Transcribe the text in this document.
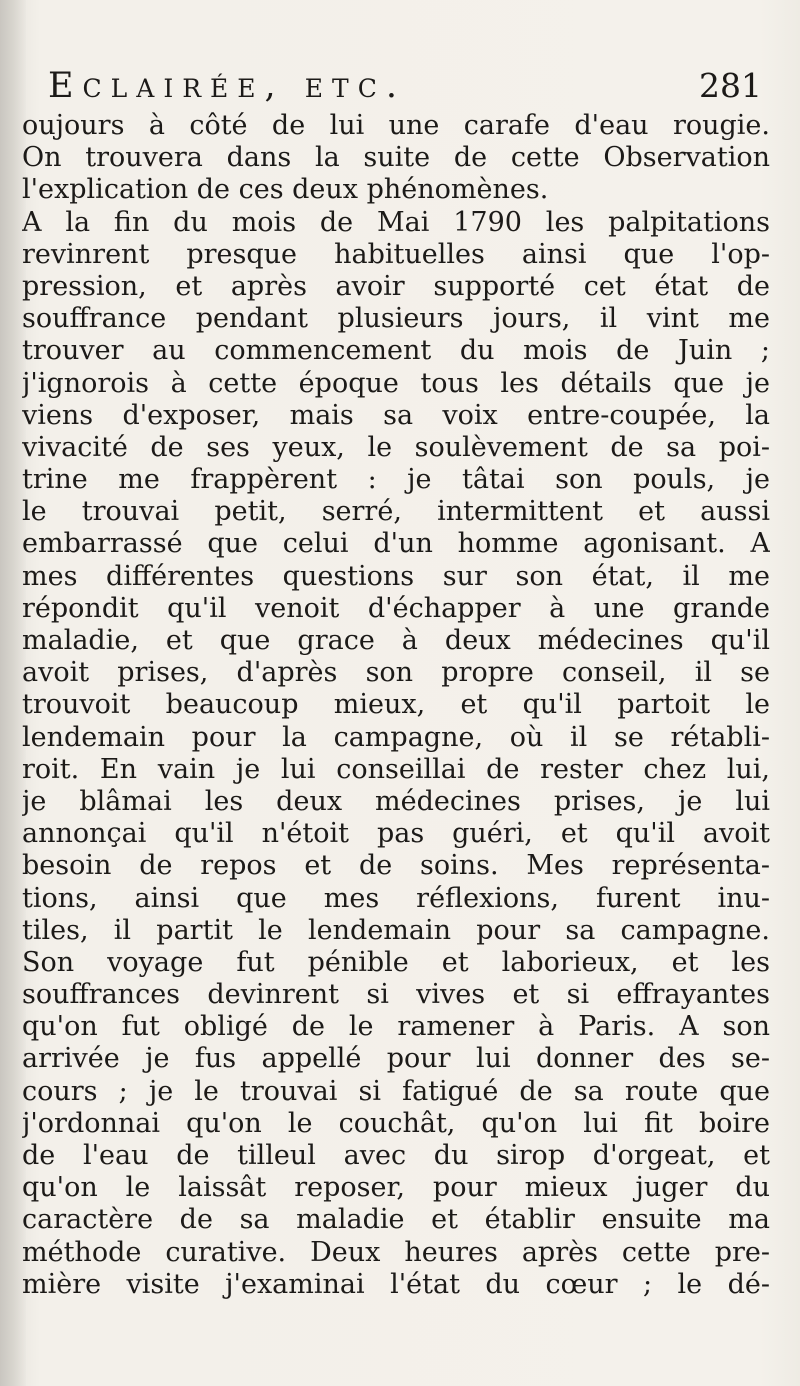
Eclairée, etc.	281
oujours à côté de lui une carafe d'eau rougie.
On trouvera dans la suite de cette Observation
l'explication de ces deux phénomènes.
A la fin du mois de Mai 1790 les palpitations
revinrent presque habituelles ainsi que l'op-
pression, et après avoir supporté cet état de
souffrance pendant plusieurs jours, il vint me
trouver au commencement du mois de Juin ;
j'ignorois à cette époque tous les détails que je
viens d'exposer, mais sa voix entre-coupée, la
vivacité de ses yeux, le soulèvement de sa poi-
trine me frappèrent : je tâtai son pouls, je
le trouvai petit, serré, intermittent et aussi
embarrassé que celui d'un homme agonisant. A
mes différentes questions sur son état, il me
répondit qu'il venoit d'échapper à une grande
maladie, et que grace à deux médecines qu'il
avoit prises, d'après son propre conseil, il se
trouvoit beaucoup mieux, et qu'il partoit le
lendemain pour la campagne, où il se rétabli-
roit. En vain je lui conseillai de rester chez lui,
je blâmai les deux médecines prises, je lui
annonçai qu'il n'étoit pas guéri, et qu'il avoit
besoin de repos et de soins. Mes représenta-
tions, ainsi que mes réflexions, furent inu-
tiles, il partit le lendemain pour sa campagne.
Son voyage fut pénible et laborieux, et les
souffrances devinrent si vives et si effrayantes
qu'on fut obligé de le ramener à Paris. A son
arrivée je fus appellé pour lui donner des se-
cours ; je le trouvai si fatigué de sa route que
j'ordonnai qu'on le couchât, qu'on lui fit boire
de l'eau de tilleul avec du sirop d'orgeat, et
qu'on le laissât reposer, pour mieux juger du
caractère de sa maladie et établir ensuite ma
méthode curative. Deux heures après cette pre-
mière visite j'examinai l'état du cœur ; le dé-
